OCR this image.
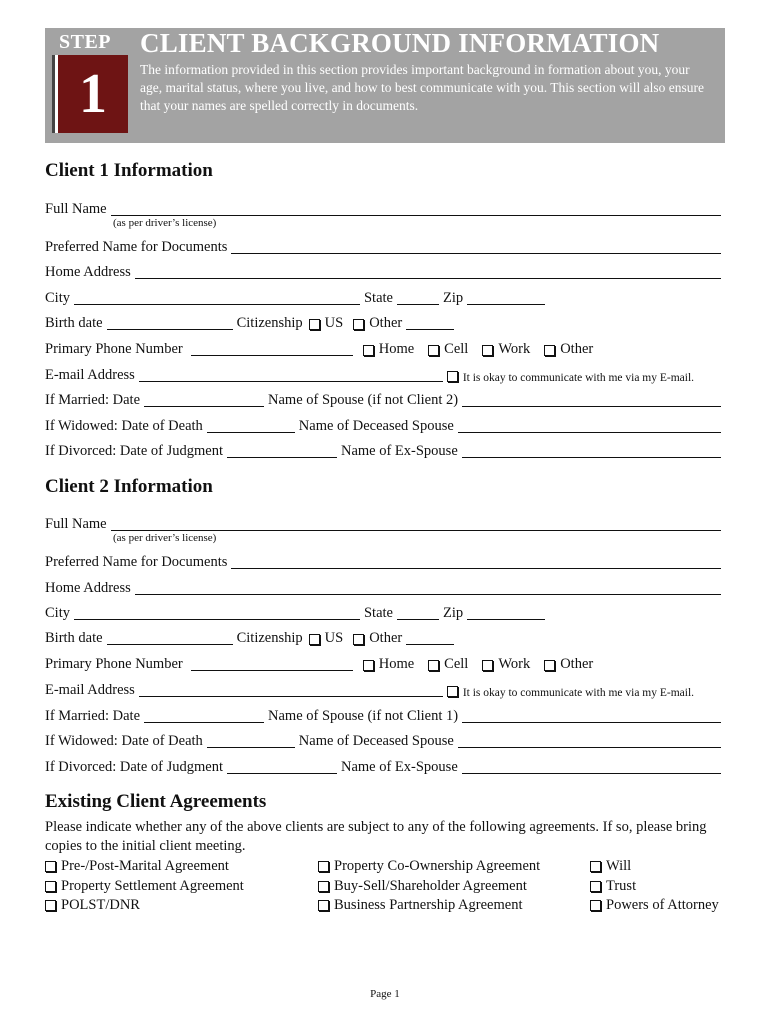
STEP
1
CLIENT BACKGROUND INFORMATION
The information provided in this section provides important background in formation about you, your age, marital status, where you live, and how to best communicate with you. This section will also ensure that your names are spelled correctly in documents.
Client 1 Information
Full Name
(as per driver’s license)
Preferred Name for Documents
Home Address
City	State	Zip
Birth date	Citizenship US Other
Primary Phone Number	Home Cell Work Other
E-mail Address	It is okay to communicate with me via my E-mail.
If Married: Date	Name of Spouse (if not Client 2)
If Widowed: Date of Death	Name of Deceased Spouse
If Divorced: Date of Judgment	Name of Ex-Spouse
Client 2 Information
Full Name
(as per driver’s license)
Preferred Name for Documents
Home Address
City	State	Zip
Birth date	Citizenship US Other
Primary Phone Number	Home Cell Work Other
E-mail Address	It is okay to communicate with me via my E-mail.
If Married: Date	Name of Spouse (if not Client 1)
If Widowed: Date of Death	Name of Deceased Spouse
If Divorced: Date of Judgment	Name of Ex-Spouse
Existing Client Agreements
Please indicate whether any of the above clients are subject to any of the following agreements. If so, please bring copies to the initial client meeting.
Pre-/Post-Marital Agreement
Property Settlement Agreement
POLST/DNR
Property Co-Ownership Agreement
Buy-Sell/Shareholder Agreement
Business Partnership Agreement
Will
Trust
Powers of Attorney
Page 1
